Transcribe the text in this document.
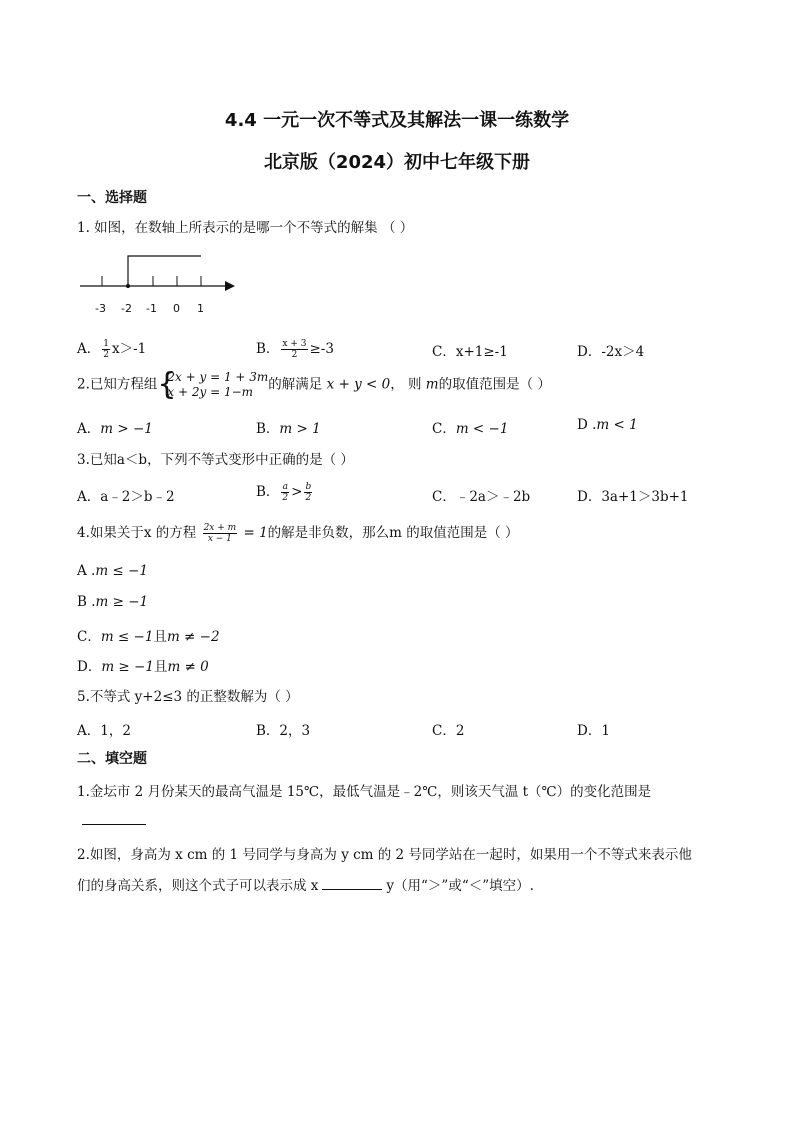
4.4 一元一次不等式及其解法一课一练数学
北京版（2024）初中七年级下册
一、选择题
1. 如图，在数轴上所表示的是哪一个不等式的解集 （ ）
-3 -2 -1 0 1
A． $\frac{1}{2} x>-1$	B． $\frac{x + 3}{2} \ge-3$	C．x+1≥-1	D．-2x＞4
2.已知方程组 {
2x + y = 1 + 3m
x + 2y = 1−m	的解满足 x + y < 0， 则 m的取值范围是（ ）
A．m > −1	B．m > 1	C．m < −1	D .m < 1
3.已知a＜b，下列不等式变形中正确的是（ ）
A．a﹣2＞b﹣2	B． $\frac{a}{2} > \frac{b}{2}$	C．﹣2a＞﹣2b	D．3a+1＞3b+1
4.如果关于x 的方程 $\frac{2x + m}{x - 1} = 1$的解是非负数，那么m 的取值范围是（ ）
A .m ≤ −1
B .m ≥ −1
C．m ≤ −1且m ≠ −2
D．m ≥ −1且m ≠ 0
5.不等式 y+2≤3 的正整数解为（ ）
A．1，2	B．2，3	C．2	D．1
二、填空题
1.金坛市 2 月份某天的最高气温是 15℃，最低气温是﹣2℃，则该天气温 t（℃）的变化范围是
2.如图，身高为 x cm 的 1 号同学与身高为 y cm 的 2 号同学站在一起时，如果用一个不等式来表示他
们的身高关系，则这个式子可以表示成 x	y（用“＞”或“＜”填空）.
